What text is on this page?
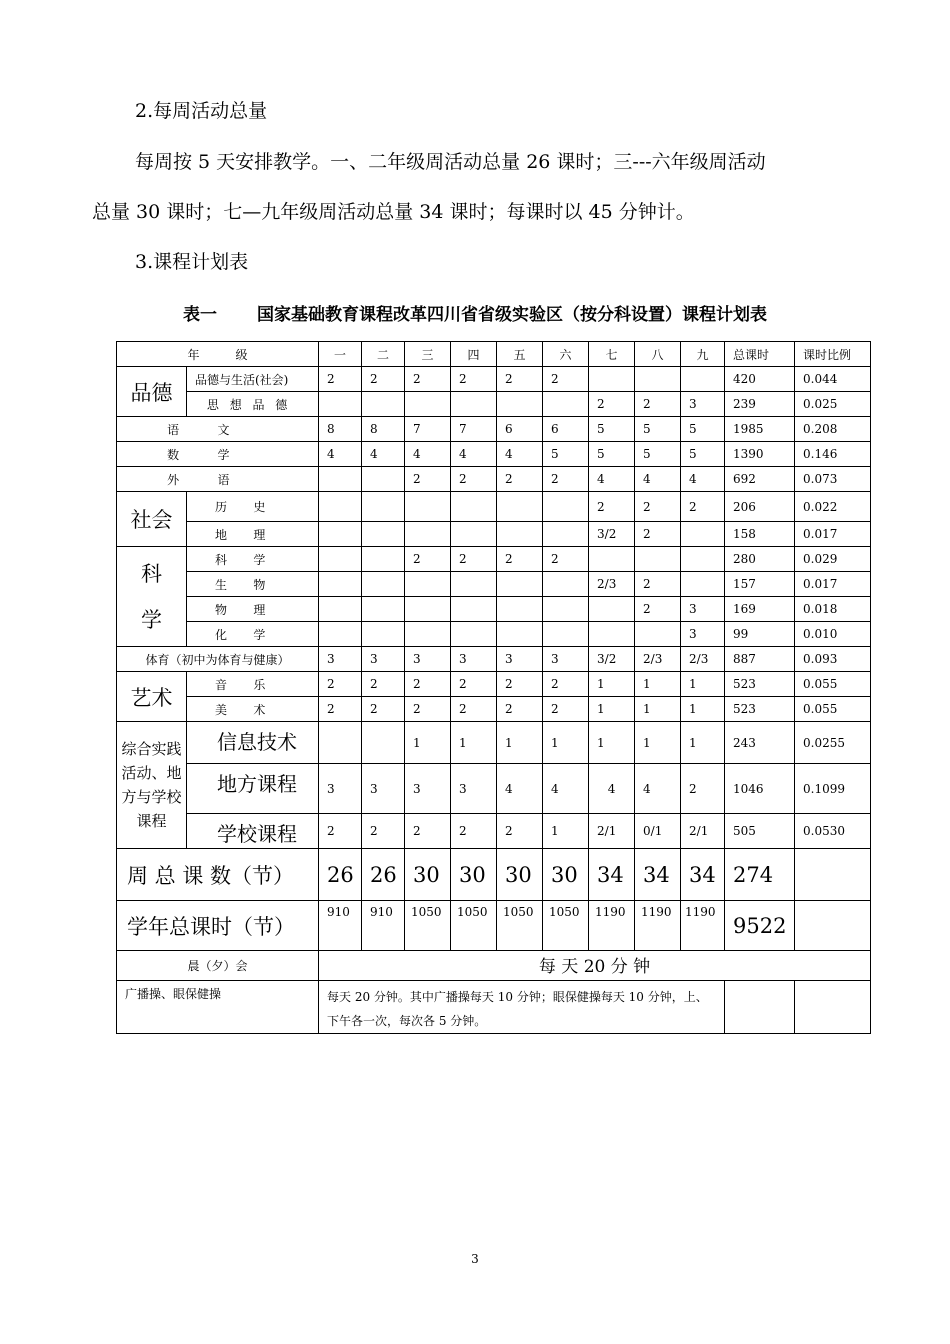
2.每周活动总量
每周按 5 天安排教学。一、二年级周活动总量 26 课时；三---六年级周活动
总量 30 课时；七—九年级周活动总量 34 课时；每课时以 45 分钟计。
3.课程计划表
表一 国家基础教育课程改革四川省省级实验区（按分科设置）课程计划表
年　　　级		一	二	三	四	五	六	七	八	九	总课时	课时比例
品德	品德与生活(社会)	2	2	2	2	2	2				420	0.044
	思想品德							2	2	3	239	0.025
语文		8	8	7	7	6	6	5	5	5	1985	0.208
数学		4	4	4	4	4	5	5	5	5	1390	0.146
外语				2	2	2	2	4	4	4	692	0.073
社会	历史							2	2	2	206	0.022
	地理							3/2	2		158	0.017

科
学	科学			2	2	2	2				280	0.029
	生物							2/3	2		157	0.017
	物理								2	3	169	0.018
	化学									3	99	0.010
体育（初中为体育与健康）		3	3	3	3	3	3	3/2	2/3	2/3	887	0.093
艺术	音乐	2	2	2	2	2	2	1	1	1	523	0.055
	美术	2	2	2	2	2	2	1	1	1	523	0.055
综合实践活动、地方与学校课程	信息技术			1	1	1	1	1	1	1	243	0.0255
	地方课程	3	3	3	3	4	4	4	4	2	1046	0.1099
	学校课程	2	2	2	2	2	1	2/1	0/1	2/1	505	0.0530
周 总 课 数（节）		26	26	30	30	30	30	34	34	34	274	
学年总课时（节）		910	910	1050	1050	1050	1050	1190	1190	1190	9522	
晨（夕）会		每 天 20 分 钟										
广播操、眼保健操		每天 20 分钟。其中广播操每天 10 分钟；眼保健操每天 10 分钟，上、下午各一次，每次各 5 分钟。										
3
